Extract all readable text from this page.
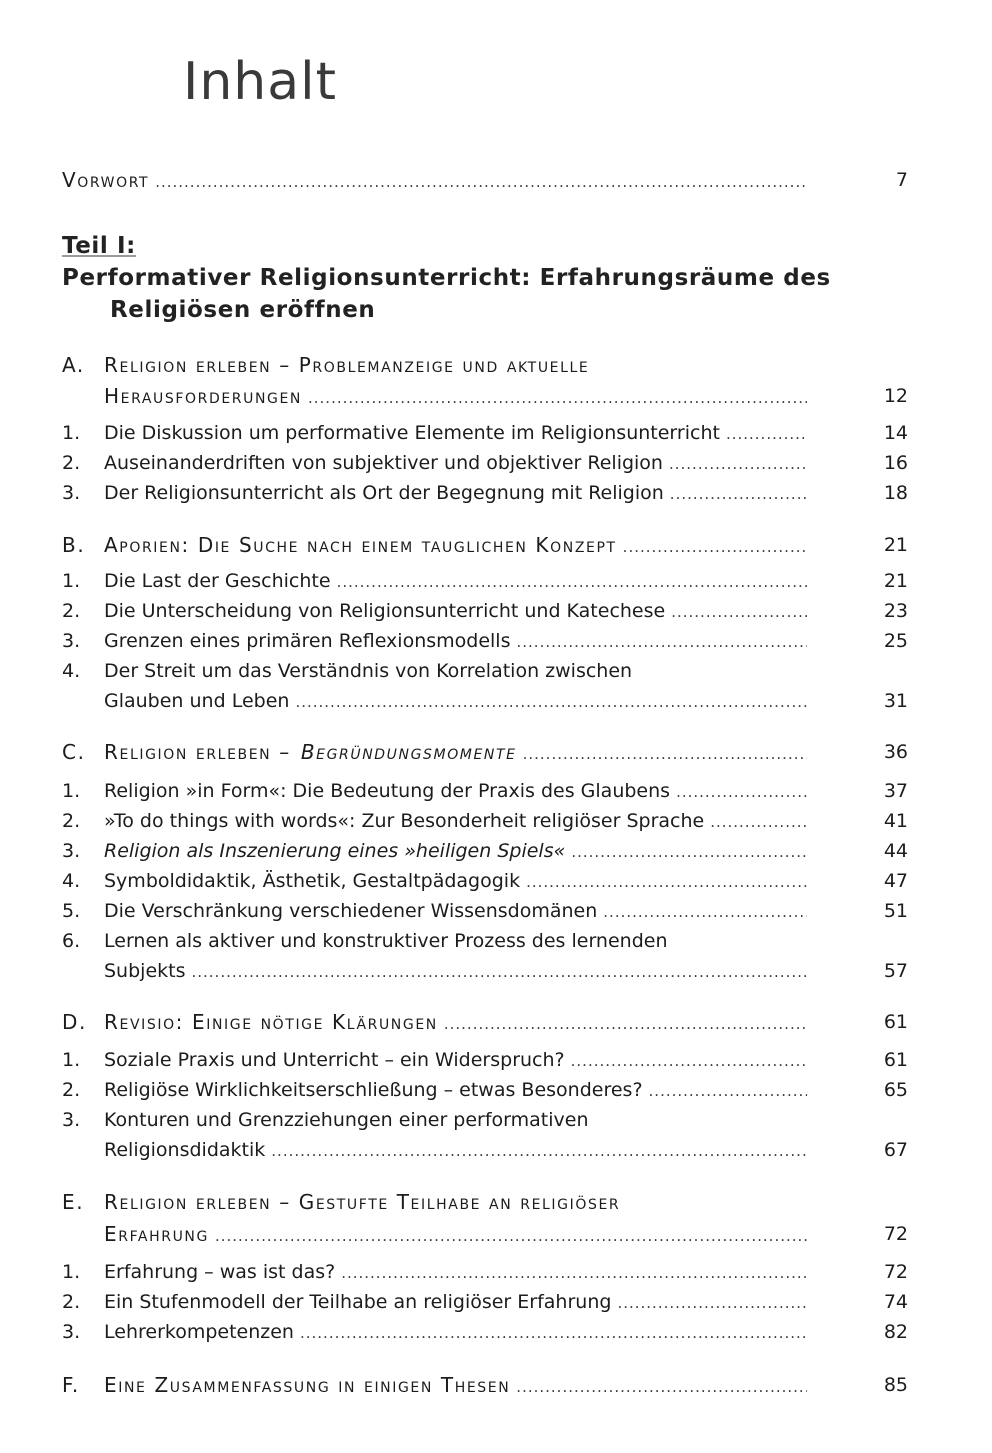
Inhalt
Vorwort .....	7
Teil I:
Performativer Religionsunterricht: Erfahrungsräume des
Religiösen eröffnen
A. Religion erleben – Problemanzeige und aktuelle
Herausforderungen .....	12
1.	Die Diskussion um performative Elemente im Religionsunterricht .....	14
2.	Auseinanderdriften von subjektiver und objektiver Religion .....	16
3.	Der Religionsunterricht als Ort der Begegnung mit Religion .....	18
B. Aporien: Die Suche nach einem tauglichen Konzept .....	21
1.	Die Last der Geschichte .....	21
2.	Die Unterscheidung von Religionsunterricht und Katechese .....	23
3.	Grenzen eines primären Reflexionsmodells .....	25
4. Der Streit um das Verständnis von Korrelation zwischen
Glauben und Leben .....	31
C. Religion erleben – Begründungsmomente .....	36
1.	Religion »in Form«: Die Bedeutung der Praxis des Glaubens .....	37
2.	»To do things with words«: Zur Besonderheit religiöser Sprache .....	41
3.	Religion als Inszenierung eines »heiligen Spiels« .....	44
4.	Symboldidaktik, Ästhetik, Gestaltpädagogik .....	47
5.	Die Verschränkung verschiedener Wissensdomänen .....	51
6. Lernen als aktiver und konstruktiver Prozess des lernenden
Subjekts .....	57
D. Revisio: Einige nötige Klärungen .....	61
1.	Soziale Praxis und Unterricht – ein Widerspruch? .....	61
2.	Religiöse Wirklichkeitserschließung – etwas Besonderes? .....	65
3. Konturen und Grenzziehungen einer performativen
Religionsdidaktik .....	67
E. Religion erleben – Gestufte Teilhabe an religiöser
Erfahrung .....	72
1.	Erfahrung – was ist das? .....	72
2.	Ein Stufenmodell der Teilhabe an religiöser Erfahrung .....	74
3.	Lehrerkompetenzen .....	82
F. Eine Zusammenfassung in einigen Thesen .....	85
